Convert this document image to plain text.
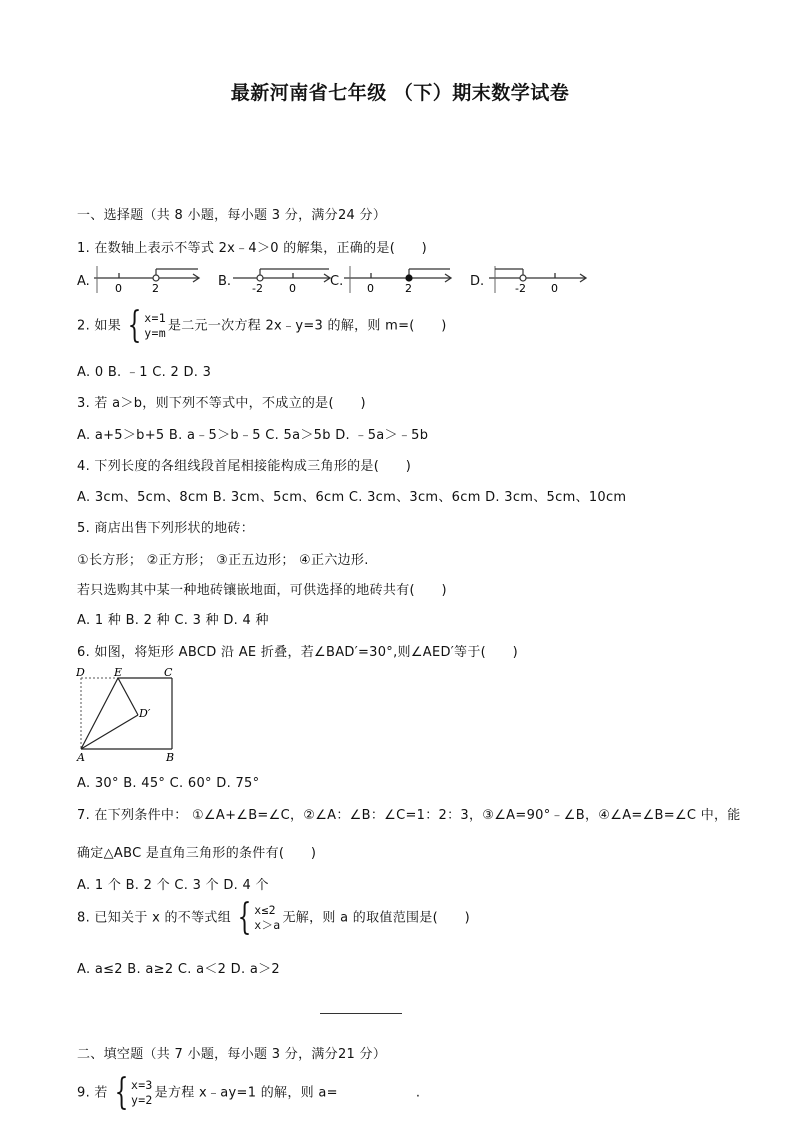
最新河南省七年级 （下）期末数学试卷
一、选择题（共 8 小题，每小题 3 分，满分24 分）
1. 在数轴上表示不等式 2x﹣4＞0 的解集，正确的是(　　)
A. 0	2	B. -2 0	C. 0	2	D.	-2 0
2. 如果 { x=1
y=m 是二元一次方程 2x﹣y=3 的解，则 m=(　　)
A. 0 B. ﹣1 C. 2 D. 3
3. 若 a＞b，则下列不等式中，不成立的是(　　)
A. a+5＞b+5 B. a﹣5＞b﹣5 C. 5a＞5b D. ﹣5a＞﹣5b
4. 下列长度的各组线段首尾相接能构成三角形的是(　　)
A. 3cm、5cm、8cm B. 3cm、5cm、6cm C. 3cm、3cm、6cm D. 3cm、5cm、10cm
5. 商店出售下列形状的地砖：
①长方形； ②正方形； ③正五边形； ④正六边形.
若只选购其中某一种地砖镶嵌地面，可供选择的地砖共有(　　)
A. 1 种 B. 2 种 C. 3 种 D. 4 种
6. 如图，将矩形 ABCD 沿 AE 折叠，若∠BAD′=30°,则∠AED′等于(　　)
D	E	C
D′
A	B
A. 30° B. 45° C. 60° D. 75°
7. 在下列条件中： ①∠A+∠B=∠C，②∠A：∠B：∠C=1：2：3，③∠A=90°﹣∠B，④∠A=∠B=∠C 中，能
确定△ABC 是直角三角形的条件有(　　)
A. 1 个 B. 2 个 C. 3 个 D. 4 个
8. 已知关于 x 的不等式组 { x≤2
x＞a 无解，则 a 的取值范围是(　　)
A. a≤2 B. a≥2 C. a＜2 D. a＞2
二、填空题（共 7 小题，每小题 3 分，满分21 分）
9. 若 { x=3
y=2 是方程 x﹣ay=1 的解，则 a=	.
